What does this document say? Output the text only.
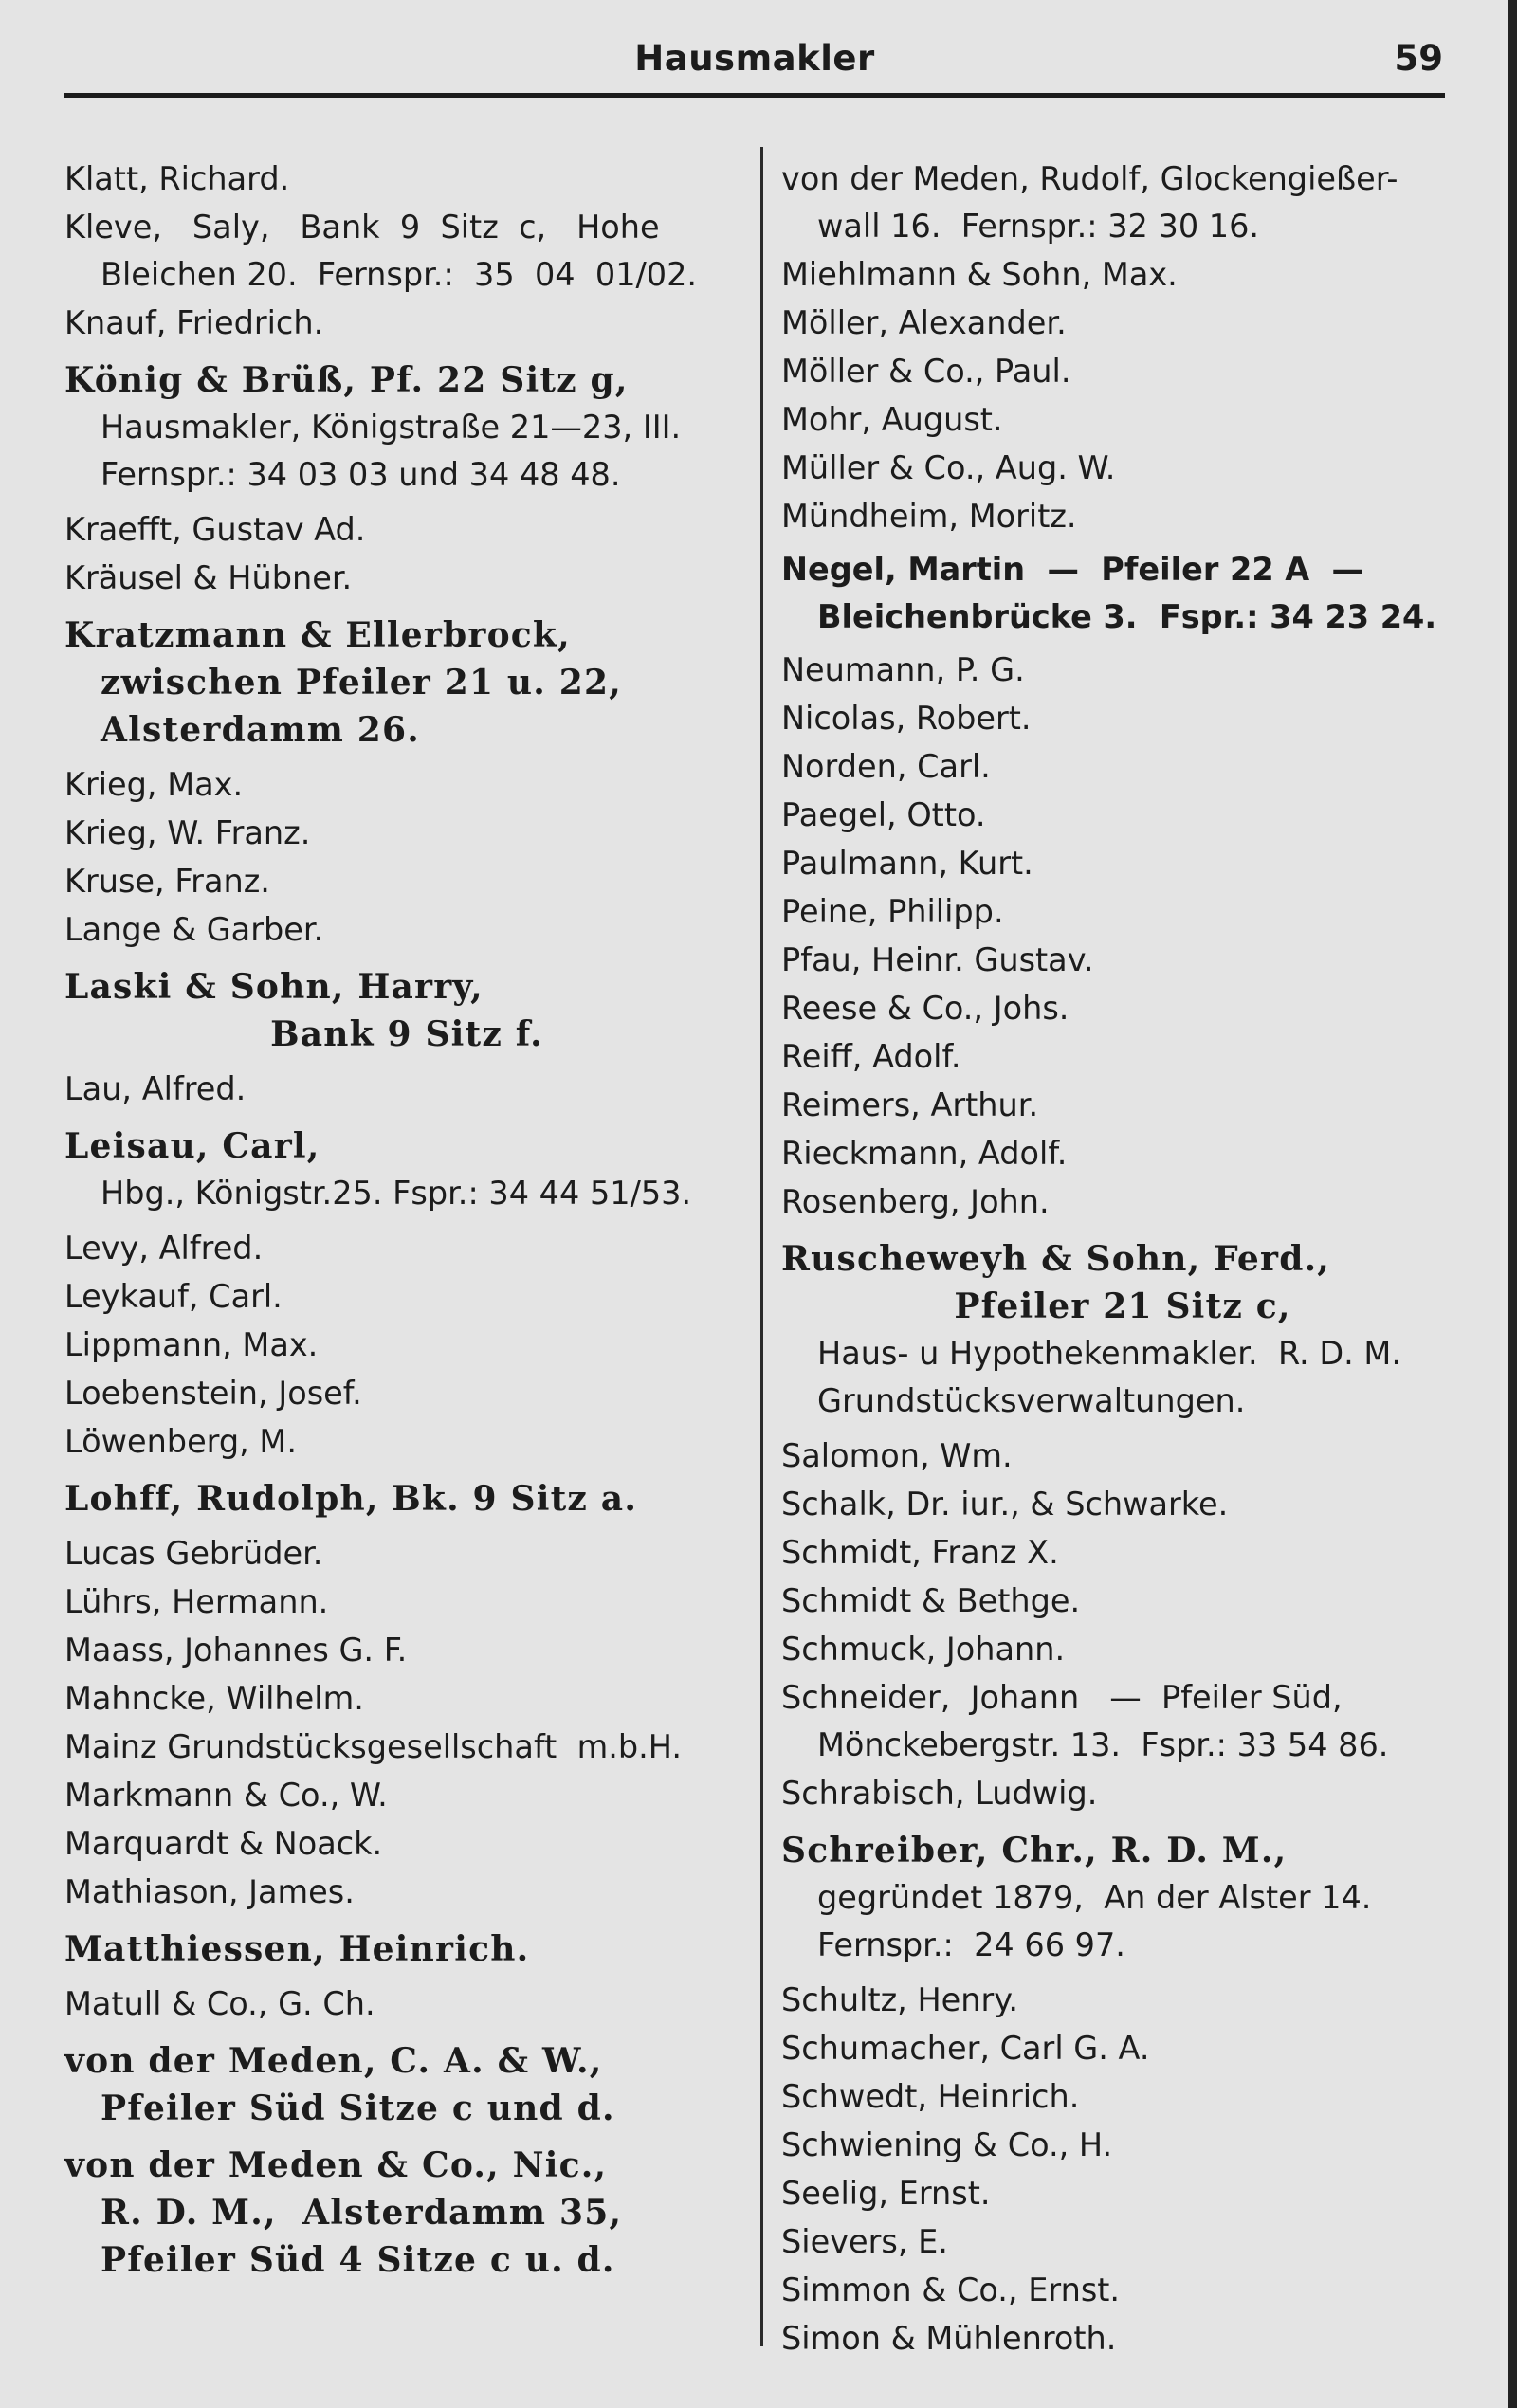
Hausmakler	59
Klatt, Richard.
Kleve,   Saly,   Bank  9  Sitz  c,   Hohe
Bleichen 20.  Fernspr.:  35  04  01/02.
Knauf, Friedrich.
König & Brüß, Pf. 22 Sitz g,
Hausmakler, Königstraße 21—23, III.
Fernspr.: 34 03 03 und 34 48 48.
Kraefft, Gustav Ad.
Kräusel & Hübner.
Kratzmann & Ellerbrock,
zwischen Pfeiler 21 u. 22,
Alsterdamm 26.
Krieg, Max.
Krieg, W. Franz.
Kruse, Franz.
Lange & Garber.
Laski & Sohn, Harry,
Bank 9 Sitz f.
Lau, Alfred.
Leisau, Carl,
Hbg., Königstr.25. Fspr.: 34 44 51/53.
Levy, Alfred.
Leykauf, Carl.
Lippmann, Max.
Loebenstein, Josef.
Löwenberg, M.
Lohff, Rudolph, Bk. 9 Sitz a.
Lucas Gebrüder.
Lührs, Hermann.
Maass, Johannes G. F.
Mahncke, Wilhelm.
Mainz Grundstücksgesellschaft  m.b.H.
Markmann & Co., W.
Marquardt & Noack.
Mathiason, James.
Matthiessen, Heinrich.
Matull & Co., G. Ch.
von der Meden, C. A. & W.,
Pfeiler Süd Sitze c und d.
von der Meden & Co., Nic.,
R. D. M.,  Alsterdamm 35,
Pfeiler Süd 4 Sitze c u. d.
von der Meden, Rudolf, Glockengießer-
wall 16.  Fernspr.: 32 30 16.
Miehlmann & Sohn, Max.
Möller, Alexander.
Möller & Co., Paul.
Mohr, August.
Müller & Co., Aug. W.
Mündheim, Moritz.
Negel, Martin  —  Pfeiler 22 A  —
Bleichenbrücke 3.  Fspr.: 34 23 24.
Neumann, P. G.
Nicolas, Robert.
Norden, Carl.
Paegel, Otto.
Paulmann, Kurt.
Peine, Philipp.
Pfau, Heinr. Gustav.
Reese & Co., Johs.
Reiff, Adolf.
Reimers, Arthur.
Rieckmann, Adolf.
Rosenberg, John.
Ruscheweyh & Sohn, Ferd.,
Pfeiler 21 Sitz c,
Haus- u Hypothekenmakler.  R. D. M.
Grundstücksverwaltungen.
Salomon, Wm.
Schalk, Dr. iur., & Schwarke.
Schmidt, Franz X.
Schmidt & Bethge.
Schmuck, Johann.
Schneider,  Johann   —  Pfeiler Süd,
Mönckebergstr. 13.  Fspr.: 33 54 86.
Schrabisch, Ludwig.
Schreiber, Chr., R. D. M.,
gegründet 1879,  An der Alster 14.
Fernspr.:  24 66 97.
Schultz, Henry.
Schumacher, Carl G. A.
Schwedt, Heinrich.
Schwiening & Co., H.
Seelig, Ernst.
Sievers, E.
Simmon & Co., Ernst.
Simon & Mühlenroth.
